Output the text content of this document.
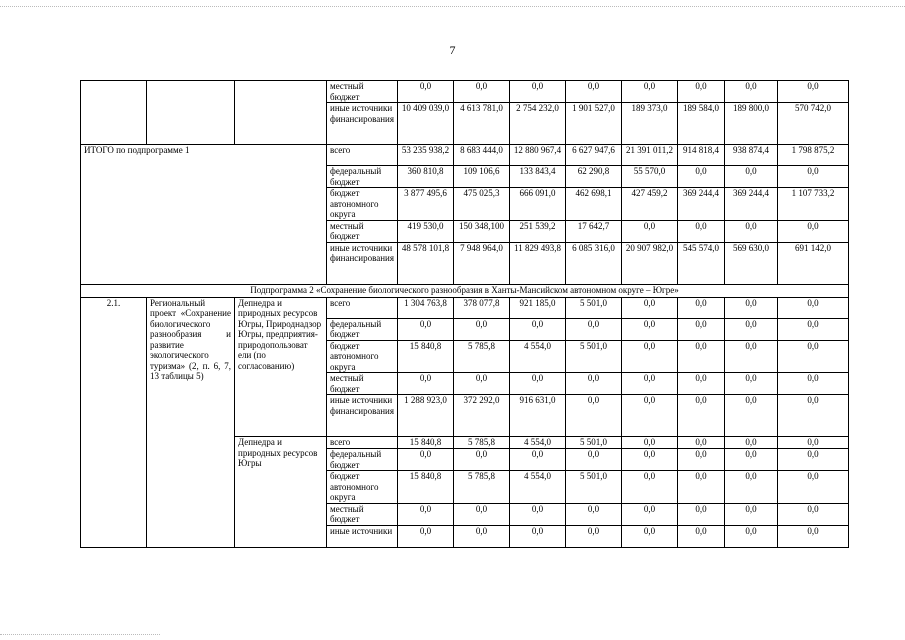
7
			местный бюджет	0,0	0,0	0,0	0,0	0,0	0,0	0,0	0,0
			иные источники финансирования	10 409 039,0	4 613 781,0	2 754 232,0	1 901 527,0	189 373,0	189 584,0	189 800,0	570 742,0
ИТОГО по подпрограмме 1			всего	53 235 938,2	8 683 444,0	12 880 967,4	6 627 947,6	21 391 011,2	914 818,4	938 874,4	1 798 875,2
			федеральный бюджет	360 810,8	109 106,6	133 843,4	62 290,8	55 570,0	0,0	0,0	0,0
			бюджет автономного округа	3 877 495,6	475 025,3	666 091,0	462 698,1	427 459,2	369 244,4	369 244,4	1 107 733,2
			местный бюджет	419 530,0	150 348,100	251 539,2	17 642,7	0,0	0,0	0,0	0,0
			иные источники финансирования	48 578 101,8	7 948 964,0	11 829 493,8	6 085 316,0	20 907 982,0	545 574,0	569 630,0	691 142,0
Подпрограмма 2 «Сохранение биологического разнообразия в Ханты-Мансийском автономном округе – Югре»											
2.1.	Региональный проект «Сохранение биологического разнообразия и развитие экологического туризма» (2, п. 6, 7, 13 таблицы 5)	Депнедра и природных ресурсов Югры, Природнадзор Югры, предприятия-природопользоват ели (по согласованию)	всего	1 304 763,8	378 077,8	921 185,0	5 501,0	0,0	0,0	0,0	0,0
			федеральный бюджет	0,0	0,0	0,0	0,0	0,0	0,0	0,0	0,0
			бюджет автономного округа	15 840,8	5 785,8	4 554,0	5 501,0	0,0	0,0	0,0	0,0
			местный бюджет	0,0	0,0	0,0	0,0	0,0	0,0	0,0	0,0
			иные источники финансирования	1 288 923,0	372 292,0	916 631,0	0,0	0,0	0,0	0,0	0,0
		Депнедра и природных ресурсов Югры	всего	15 840,8	5 785,8	4 554,0	5 501,0	0,0	0,0	0,0	0,0
			федеральный бюджет	0,0	0,0	0,0	0,0	0,0	0,0	0,0	0,0
			бюджет автономного округа	15 840,8	5 785,8	4 554,0	5 501,0	0,0	0,0	0,0	0,0
			местный бюджет	0,0	0,0	0,0	0,0	0,0	0,0	0,0	0,0
			иные источники	0,0	0,0	0,0	0,0	0,0	0,0	0,0	0,0
